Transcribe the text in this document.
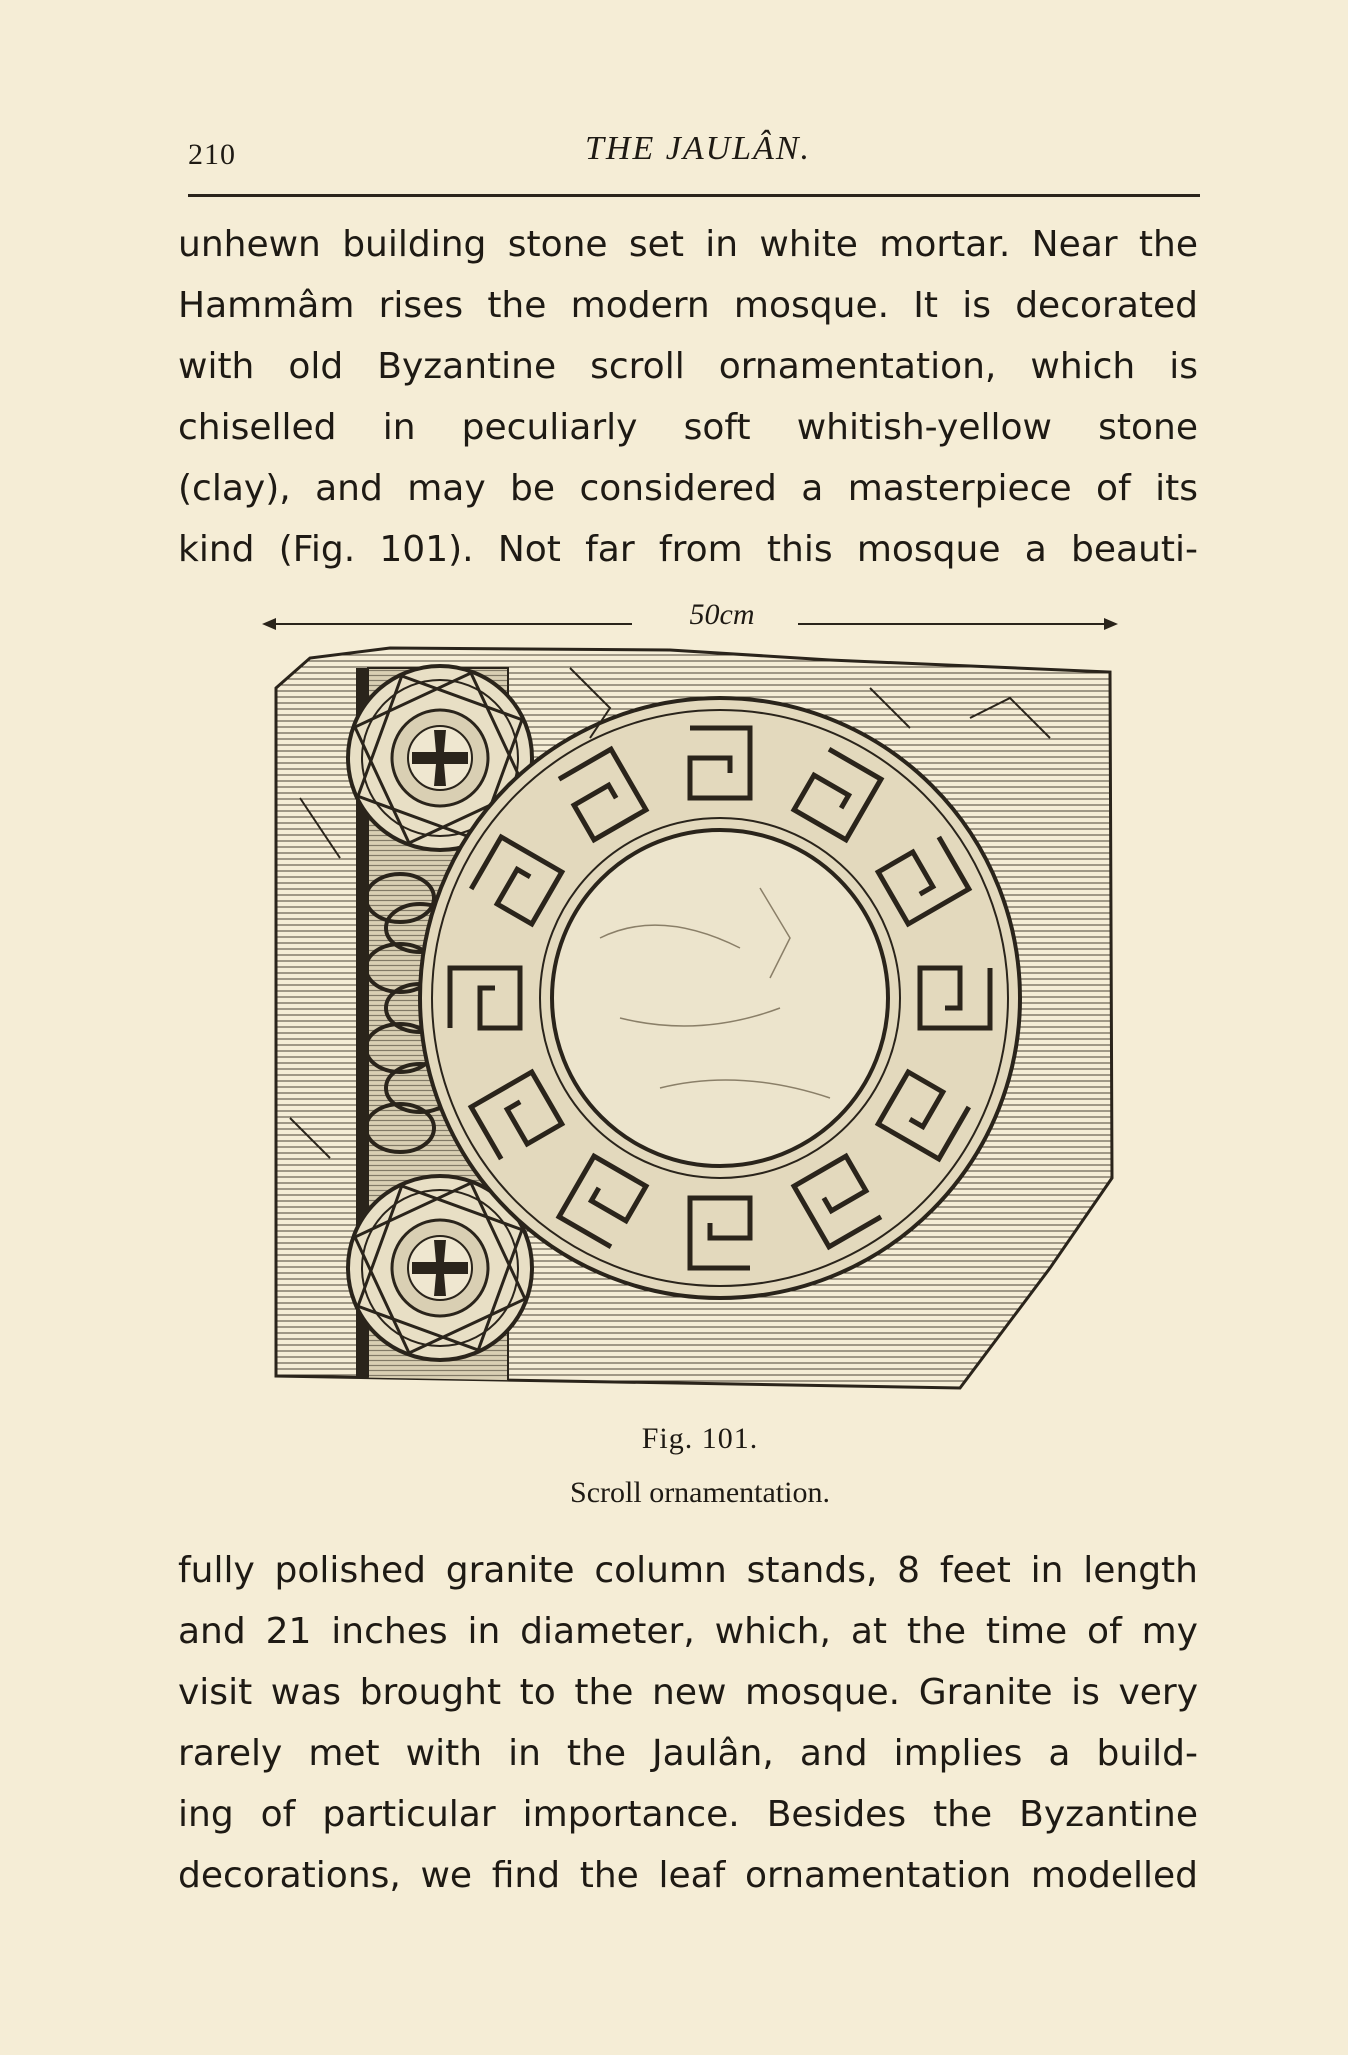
210	THE JAULÂN.
unhewn building stone set in white mortar. Near the
Hammâm rises the modern mosque. It is decorated
with old Byzantine scroll ornamentation, which is
chiselled in peculiarly soft whitish-yellow stone
(clay), and may be considered a masterpiece of its
kind (Fig. 101). Not far from this mosque a beauti-
50cm
Fig. 101.
Scroll ornamentation.
fully polished granite column stands, 8 feet in length
and 21 inches in diameter, which, at the time of my
visit was brought to the new mosque. Granite is very
rarely met with in the Jaulân, and implies a build-
ing of particular importance. Besides the Byzantine
decorations, we find the leaf ornamentation modelled
